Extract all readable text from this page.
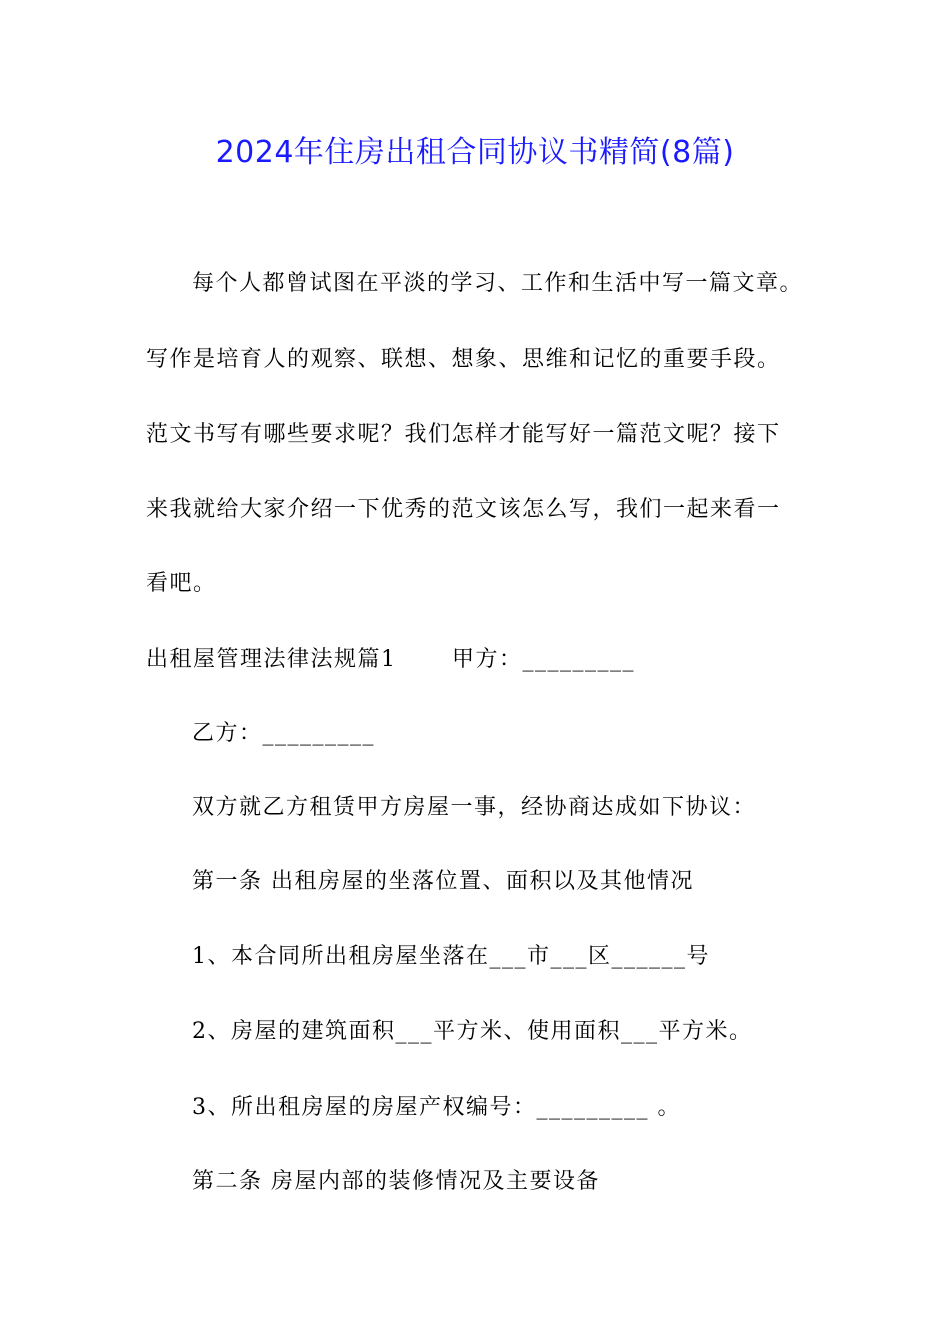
2024年住房出租合同协议书精简(8篇)
每个人都曾试图在平淡的学习、工作和生活中写一篇文章。
写作是培育人的观察、联想、想象、思维和记忆的重要手段。
范文书写有哪些要求呢？我们怎样才能写好一篇范文呢？接下
来我就给大家介绍一下优秀的范文该怎么写，我们一起来看一
看吧。
出租屋管理法律法规篇1	甲方：_________
乙方：_________
双方就乙方租赁甲方房屋一事，经协商达成如下协议：
第一条 出租房屋的坐落位置、面积以及其他情况
1、本合同所出租房屋坐落在___市___区______号
2、房屋的建筑面积___平方米、使用面积___平方米。
3、所出租房屋的房屋产权编号：_________ 。
第二条 房屋内部的装修情况及主要设备
